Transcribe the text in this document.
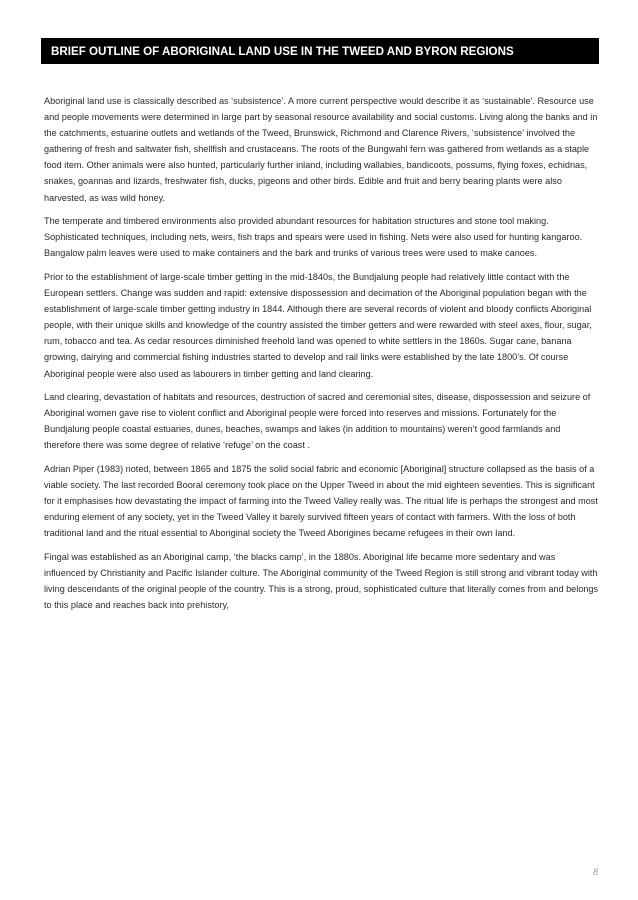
BRIEF OUTLINE OF ABORIGINAL LAND USE IN THE TWEED AND BYRON REGIONS

Aboriginal land use is classically described as ‘subsistence’. A more current perspective would describe it as ‘sustainable’. Resource use and people movements were determined in large part by seasonal resource availability and social customs. Living along the banks and in the catchments, estuarine outlets and wetlands of the Tweed, Brunswick, Richmond and Clarence Rivers, ‘subsistence’ involved the gathering of fresh and saltwater fish, shellfish and crustaceans. The roots of the Bungwahl fern was gathered from wetlands as a staple food item. Other animals were also hunted, particularly further inland, including wallabies, bandicoots, possums, flying foxes, echidnas, snakes, goannas and lizards, freshwater fish, ducks, pigeons and other birds. Edible and fruit and berry bearing plants were also harvested, as was wild honey.

The temperate and timbered environments also provided abundant resources for habitation structures and stone tool making. Sophisticated techniques, including nets, weirs, fish traps and spears were used in fishing. Nets were also used for hunting kangaroo. Bangalow palm leaves were used to make containers and the bark and trunks of various trees were used to make canoes.

Prior to the establishment of large-scale timber getting in the mid-1840s, the Bundjalung people had relatively little contact with the European settlers. Change was sudden and rapid: extensive dispossession and decimation of the Aboriginal population began with the establishment of large-scale timber getting industry in 1844. Although there are several records of violent and bloody conflicts Aboriginal people, with their unique skills and knowledge of the country assisted the timber getters and were rewarded with steel axes, flour, sugar, rum, tobacco and tea. As cedar resources diminished freehold land was opened to white settlers in the 1860s. Sugar cane, banana growing, dairying and commercial fishing industries started to develop and rail links were established by the late 1800’s. Of course Aboriginal people were also used as labourers in timber getting and land clearing.

Land clearing, devastation of habitats and resources, destruction of sacred and ceremonial sites, disease, dispossession and seizure of Aboriginal women gave rise to violent conflict and Aboriginal people were forced into reserves and missions. Fortunately for the Bundjalung people coastal estuaries, dunes, beaches, swamps and lakes (in addition to mountains) weren’t good farmlands and therefore there was some degree of relative ‘refuge’ on the coast .

Adrian Piper (1983) noted, between 1865 and 1875 the solid social fabric and economic [Aboriginal] structure collapsed as the basis of a viable society. The last recorded Booral ceremony took place on the Upper Tweed in about the mid eighteen seventies. This is significant for it emphasises how devastating the impact of farming into the Tweed Valley really was. The ritual life is perhaps the strongest and most enduring element of any society, yet in the Tweed Valley it barely survived fifteen years of contact with farmers. With the loss of both traditional land and the ritual essential to Aboriginal society the Tweed Aborigines became refugees in their own land.

Fingal was established as an Aboriginal camp, ‘the blacks camp’, in the 1880s. Aboriginal life became more sedentary and was influenced by Christianity and Pacific Islander culture. The Aboriginal community of the Tweed Region is still strong and vibrant today with living descendants of the original people of the country. This is a strong, proud, sophisticated culture that literally comes from and belongs to this place and reaches back into prehistory,

8
